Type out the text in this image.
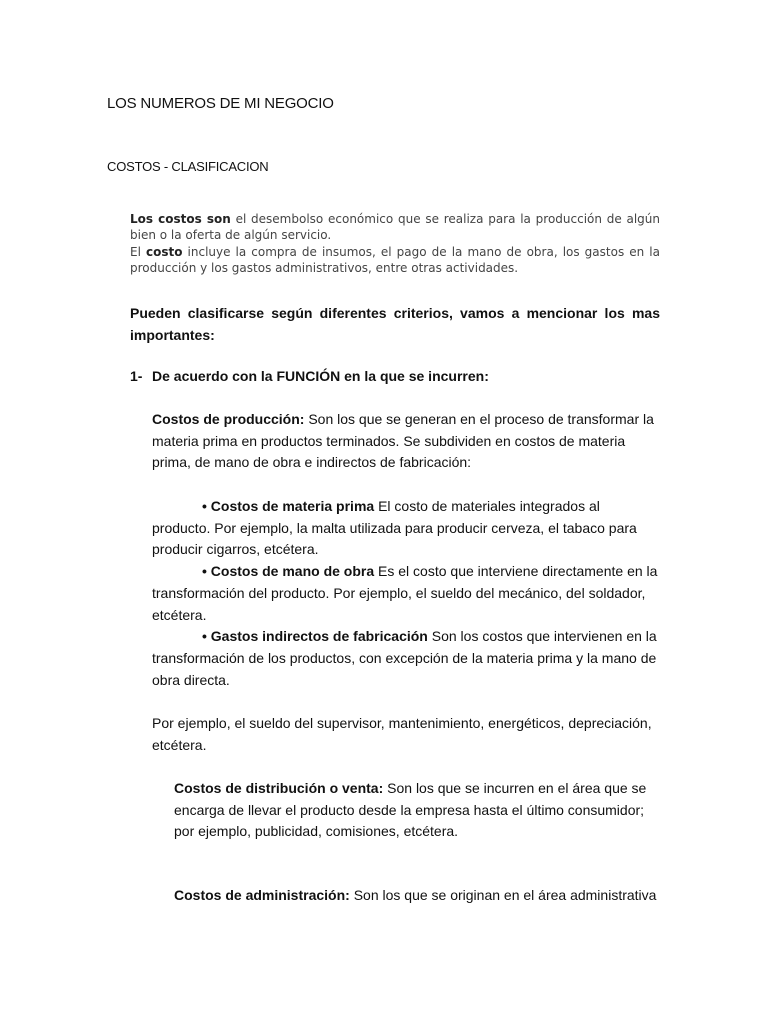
LOS NUMEROS DE MI NEGOCIO
COSTOS - CLASIFICACION
Los costos son el desembolso económico que se realiza para la producción de algún bien o la oferta de algún servicio.
El costo incluye la compra de insumos, el pago de la mano de obra, los gastos en la producción y los gastos administrativos, entre otras actividades.
Pueden clasificarse según diferentes criterios, vamos a mencionar los mas importantes:
1- De acuerdo con la FUNCIÓN en la que se incurren:
Costos de producción: Son los que se generan en el proceso de transformar la materia prima en productos terminados. Se subdividen en costos de materia prima, de mano de obra e indirectos de fabricación:
• Costos de materia prima El costo de materiales integrados al producto. Por ejemplo, la malta utilizada para producir cerveza, el tabaco para producir cigarros, etcétera.
• Costos de mano de obra Es el costo que interviene directamente en la transformación del producto. Por ejemplo, el sueldo del mecánico, del soldador, etcétera.
• Gastos indirectos de fabricación Son los costos que intervienen en la transformación de los productos, con excepción de la materia prima y la mano de obra directa.
Por ejemplo, el sueldo del supervisor, mantenimiento, energéticos, depreciación, etcétera.
Costos de distribución o venta: Son los que se incurren en el área que se encarga de llevar el producto desde la empresa hasta el último consumidor; por ejemplo, publicidad, comisiones, etcétera.
Costos de administración: Son los que se originan en el área administrativa
